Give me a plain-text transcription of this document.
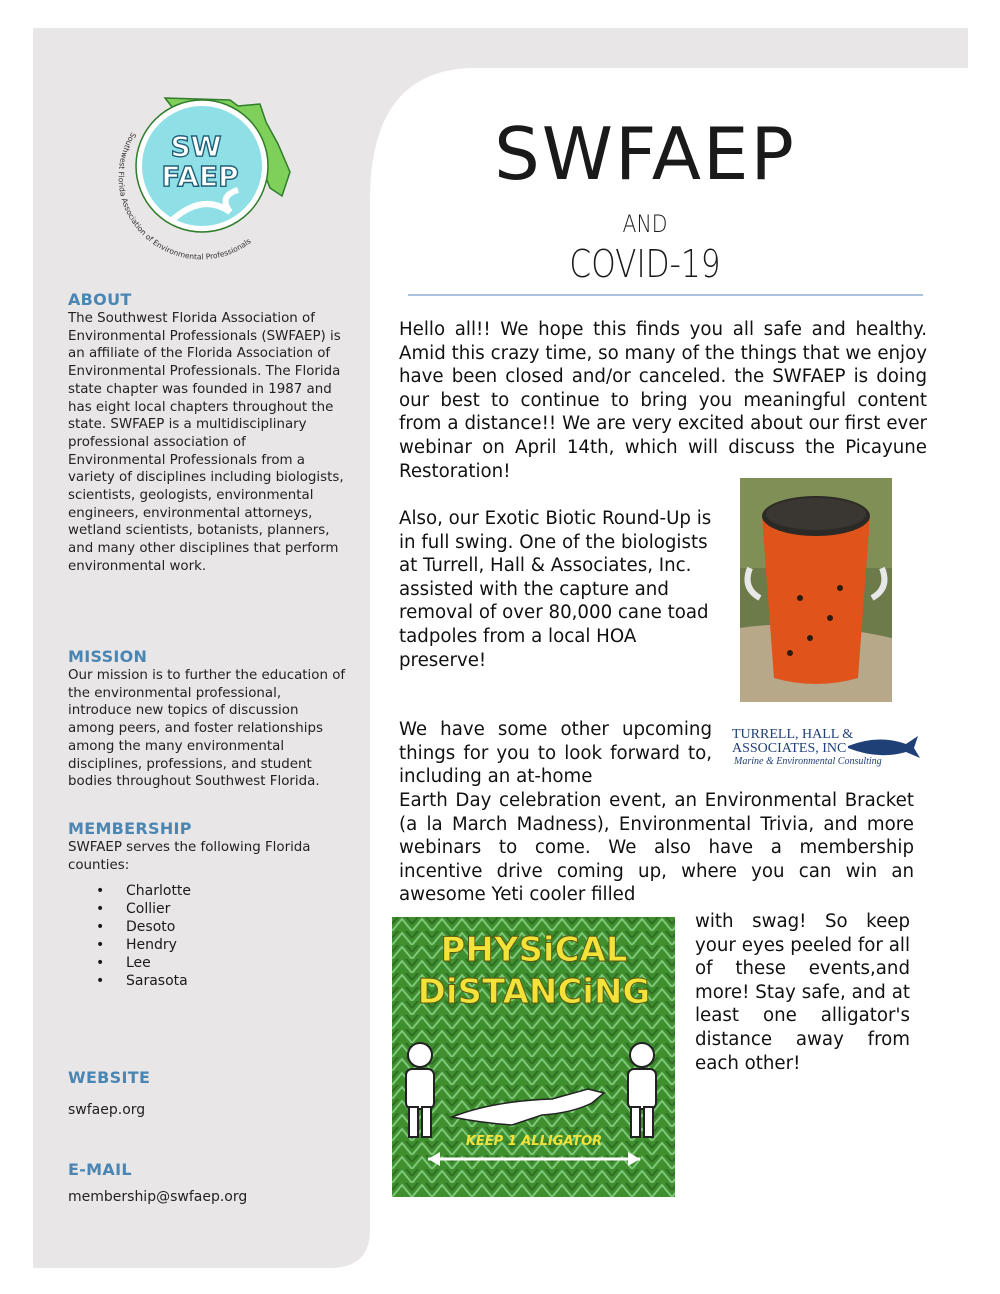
SW
FAEP
Southwest Florida Association of Environmental Professionals
ABOUT
The Southwest Florida Association of Environmental Professionals (SWFAEP) is an affiliate of the Florida Association of Environmental Professionals. The Florida state chapter was founded in 1987 and has eight local chapters throughout the state. SWFAEP is a multidisciplinary professional association of Environmental Professionals from a variety of disciplines including biologists, scientists, geologists, environmental engineers, environmental attorneys, wetland scientists, botanists, planners, and many other disciplines that perform environmental work.
MISSION
Our mission is to further the education of the environmental professional, introduce new topics of discussion among peers, and foster relationships among the many environmental disciplines, professions, and student bodies throughout Southwest Florida.
MEMBERSHIP
SWFAEP serves the following Florida counties:
• Charlotte
• Collier
• Desoto
• Hendry
• Lee
• Sarasota
WEBSITE
swfaep.org
E-MAIL
membership@swfaep.org
SWFAEP
AND
COVID-19
Hello all!! We hope this finds you all safe and healthy. Amid this crazy time, so many of the things that we enjoy have been closed and/or canceled. the SWFAEP is doing our best to continue to bring you meaningful content from a distance!! We are very excited about our first ever webinar on April 14th, which will discuss the Picayune Restoration!
Also, our Exotic Biotic Round-Up is in full swing. One of the biologists at Turrell, Hall & Associates, Inc. assisted with the capture and removal of over 80,000 cane toad tadpoles from a local HOA preserve!
We have some other upcoming things for you to look forward to, including an at-home
Earth Day celebration event, an Environmental Bracket (a la March Madness), Environmental Trivia, and more webinars to come. We also have a membership incentive drive coming up, where you can win an awesome Yeti cooler filled
with swag! So keep your eyes peeled for all of these events,and more! Stay safe, and at least one alligator's distance away from each other!
TURRELL, HALL &
ASSOCIATES, INC
Marine & Environmental Consulting
PHYSiCAL
DiSTANCiNG
KEEP 1 ALLIGATOR
